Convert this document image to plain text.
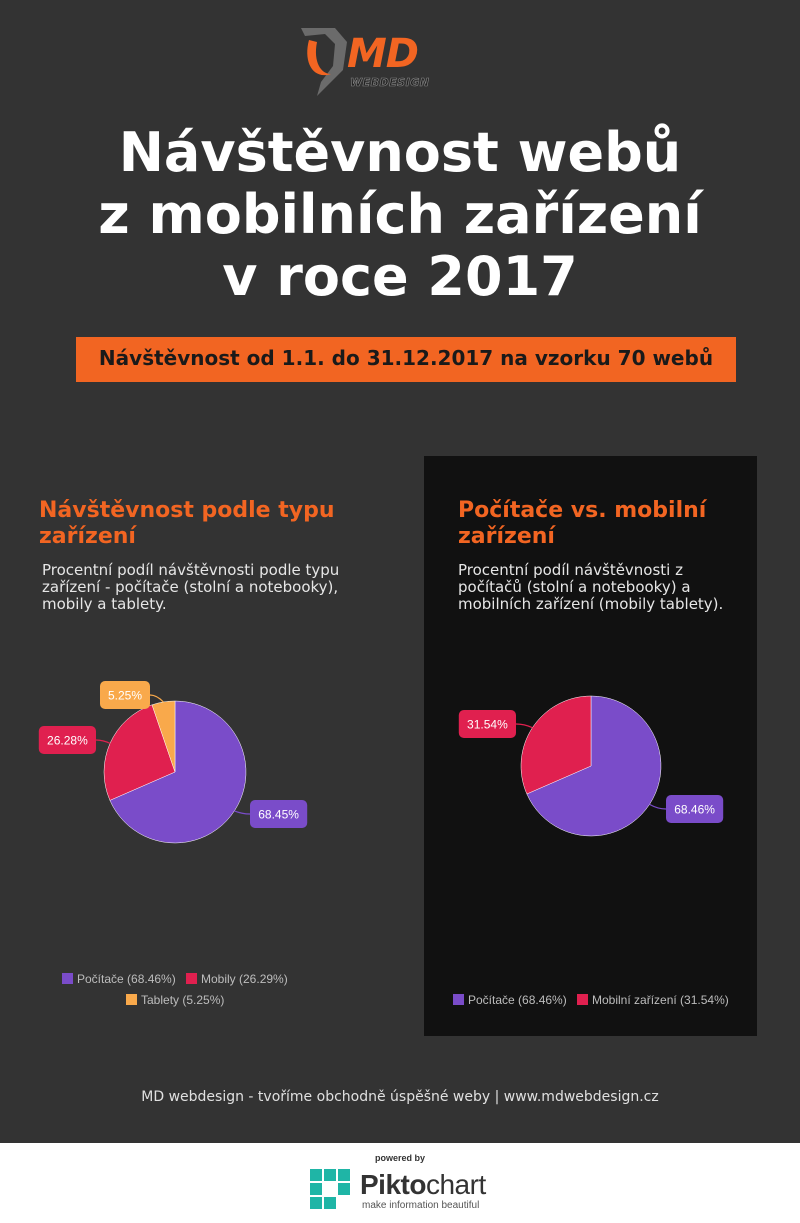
MD
WEBDESIGN
Návštěvnost webů
z mobilních zařízení
v roce 2017
Návštěvnost od 1.1. do 31.12.2017 na vzorku 70 webů
Návštěvnost podle typu zařízení
Procentní podíl návštěvnosti podle typu zařízení - počítače (stolní a notebooky), mobily a tablety.
Počítače vs. mobilní zařízení
Procentní podíl návštěvnosti z počítačů (stolní a notebooky) a mobilních zařízení (mobily tablety).
68.45%
26.28%
5.25%
68.46%
31.54%
Počítače (68.46%)	Mobily (26.29%)
Tablety (5.25%)	Počítače (68.46%)	Mobilní zařízení (31.54%)
MD webdesign - tvoříme obchodně úspěšné weby | www.mdwebdesign.cz
powered by
Piktochart
make information beautiful
